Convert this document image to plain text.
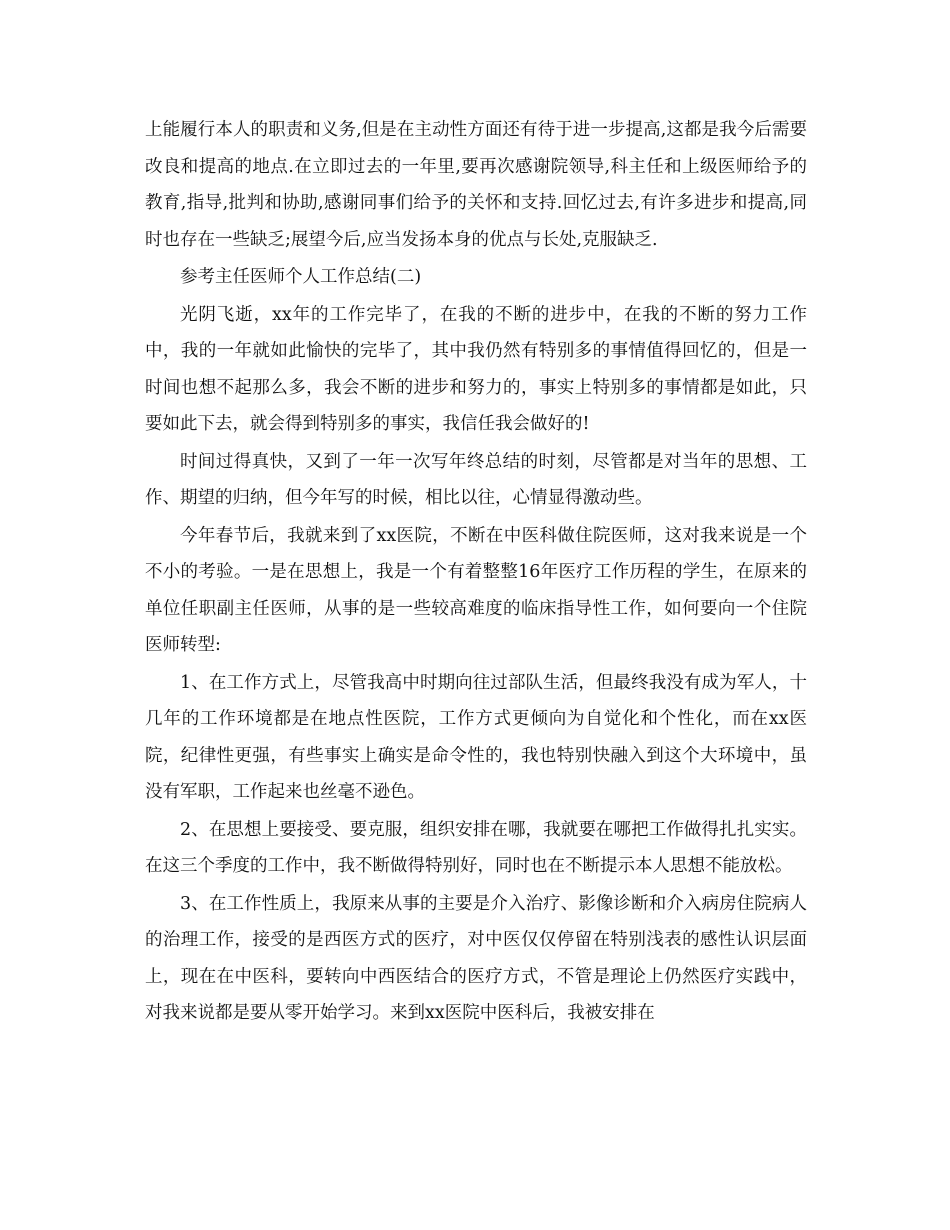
上能履行本人的职责和义务,但是在主动性方面还有待于进一步提高,这都是我今后需要改良和提高的地点.在立即过去的一年里,要再次感谢院领导,科主任和上级医师给予的教育,指导,批判和协助,感谢同事们给予的关怀和支持.回忆过去,有许多进步和提高,同时也存在一些缺乏;展望今后,应当发扬本身的优点与长处,克服缺乏.

参考主任医师个人工作总结(二)

光阴飞逝，xx年的工作完毕了，在我的不断的进步中，在我的不断的努力工作中，我的一年就如此愉快的完毕了，其中我仍然有特别多的事情值得回忆的，但是一时间也想不起那么多，我会不断的进步和努力的，事实上特别多的事情都是如此，只要如此下去，就会得到特别多的事实，我信任我会做好的!

时间过得真快，又到了一年一次写年终总结的时刻，尽管都是对当年的思想、工作、期望的归纳，但今年写的时候，相比以往，心情显得激动些。

今年春节后，我就来到了xx医院，不断在中医科做住院医师，这对我来说是一个不小的考验。一是在思想上，我是一个有着整整16年医疗工作历程的学生，在原来的单位任职副主任医师，从事的是一些较高难度的临床指导性工作，如何要向一个住院医师转型:

1、在工作方式上，尽管我高中时期向往过部队生活，但最终我没有成为军人，十几年的工作环境都是在地点性医院，工作方式更倾向为自觉化和个性化，而在xx医院，纪律性更强，有些事实上确实是命令性的，我也特别快融入到这个大环境中，虽没有军职，工作起来也丝毫不逊色。

2、在思想上要接受、要克服，组织安排在哪，我就要在哪把工作做得扎扎实实。在这三个季度的工作中，我不断做得特别好，同时也在不断提示本人思想不能放松。

3、在工作性质上，我原来从事的主要是介入治疗、影像诊断和介入病房住院病人的治理工作，接受的是西医方式的医疗，对中医仅仅停留在特别浅表的感性认识层面上，现在在中医科，要转向中西医结合的医疗方式，不管是理论上仍然医疗实践中，对我来说都是要从零开始学习。来到xx医院中医科后，我被安排在
